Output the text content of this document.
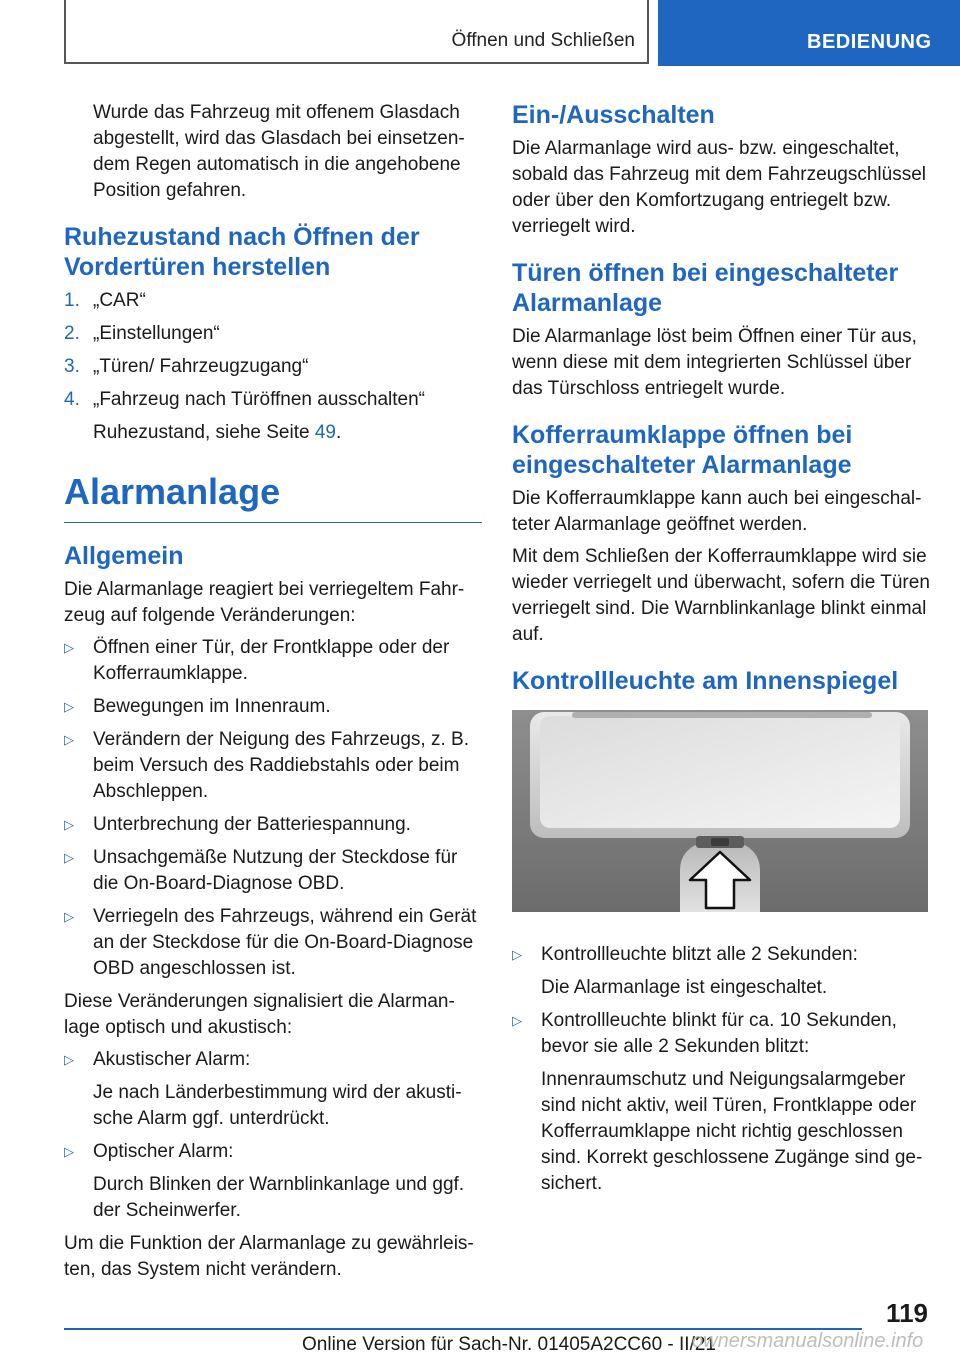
Öffnen und Schließen	BEDIENUNG

Wurde das Fahrzeug mit offenem Glasdach abgestellt, wird das Glasdach bei einsetzen‐dem Regen automatisch in die angehobene Position gefahren.

Ruhezustand nach Öffnen der Vordertüren herstellen
1. „CAR“
2. „Einstellungen“
3. „Türen/ Fahrzeugzugang“
4. „Fahrzeug nach Türöffnen ausschalten“
Ruhezustand, siehe Seite 49.
Alarmanlage
Allgemein

Die Alarmanlage reagiert bei verriegeltem Fahr‐zeug auf folgende Veränderungen:

▷	Öffnen einer Tür, der Frontklappe oder der Kofferraumklappe.
▷	Bewegungen im Innenraum.
▷	Verändern der Neigung des Fahrzeugs, z. B. beim Versuch des Raddiebstahls oder beim Abschleppen.
▷	Unterbrechung der Batteriespannung.
▷	Unsachgemäße Nutzung der Steckdose für die On-Board-Diagnose OBD.
▷	Verriegeln des Fahrzeugs, während ein Gerät an der Steckdose für die On-Board-Diagnose OBD angeschlossen ist.

Diese Veränderungen signalisiert die Alarman‐lage optisch und akustisch:

▷	Akustischer Alarm:
Je nach Länderbestimmung wird der akusti‐sche Alarm ggf. unterdrückt.
▷	Optischer Alarm:
Durch Blinken der Warnblinkanlage und ggf. der Scheinwerfer.

Um die Funktion der Alarmanlage zu gewährleis‐ten, das System nicht verändern.

Ein-/Ausschalten

Die Alarmanlage wird aus- bzw. eingeschaltet, sobald das Fahrzeug mit dem Fahrzeugschlüssel oder über den Komfortzugang entriegelt bzw. verriegelt wird.

Türen öffnen bei eingeschalteter Alarmanlage

Die Alarmanlage löst beim Öffnen einer Tür aus, wenn diese mit dem integrierten Schlüssel über das Türschloss entriegelt wurde.

Kofferraumklappe öffnen bei eingeschalteter Alarmanlage

Die Kofferraumklappe kann auch bei eingeschal‐teter Alarmanlage geöffnet werden.

Mit dem Schließen der Kofferraumklappe wird sie wieder verriegelt und überwacht, sofern die Türen verriegelt sind. Die Warnblinkanlage blinkt einmal auf.

Kontrollleuchte am Innenspiegel
▷	Kontrollleuchte blitzt alle 2 Sekunden:
Die Alarmanlage ist eingeschaltet.
▷	Kontrollleuchte blinkt für ca. 10 Sekunden, bevor sie alle 2 Sekunden blitzt:
Innenraumschutz und Neigungsalarmgeber sind nicht aktiv, weil Türen, Frontklappe oder Kofferraumklappe nicht richtig geschlossen sind. Korrekt geschlossene Zugänge sind ge‐sichert.
119
Online Version für Sach-Nr. 01405A2CC60 - II/21
ownersmanualsonline.info
